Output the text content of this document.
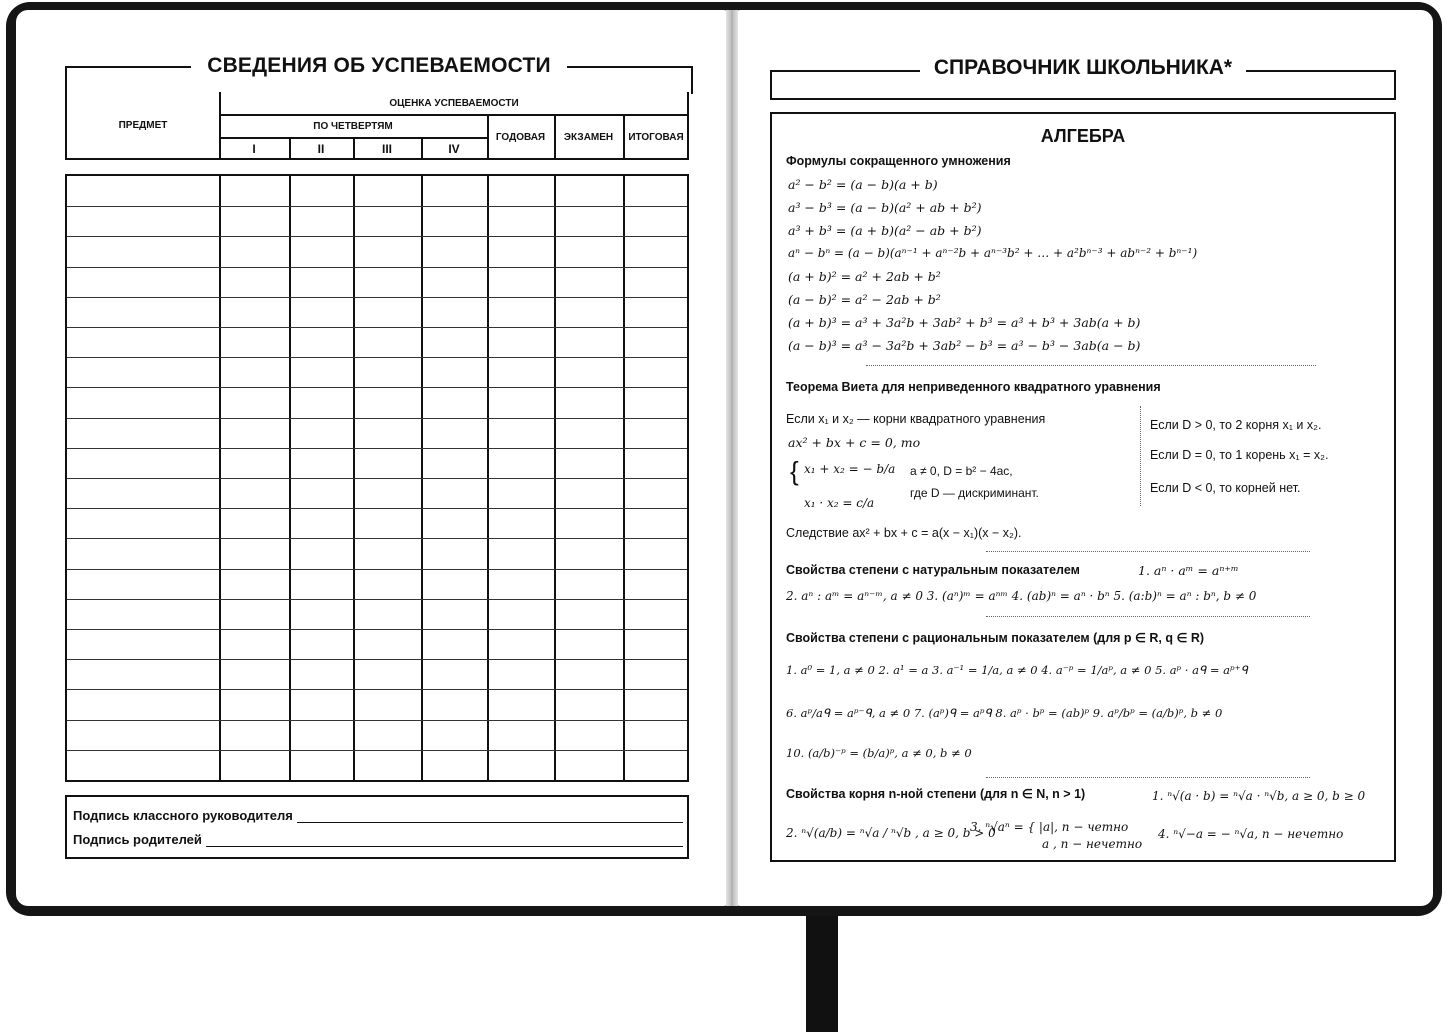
СВЕДЕНИЯ ОБ УСПЕВАЕМОСТИ
ПРЕДМЕТ
ОЦЕНКА УСПЕВАЕМОСТИ
ПО ЧЕТВЕРТЯМ
I	II	III	IV
ГОДОВАЯ	ЭКЗАМЕН	ИТОГОВАЯ
Подпись классного руководителя
Подпись родителей
СПРАВОЧНИК ШКОЛЬНИКА*
АЛГЕБРА
Формулы сокращенного умножения
a² − b² = (a − b)(a + b)
a³ − b³ = (a − b)(a² + ab + b²)
a³ + b³ = (a + b)(a² − ab + b²)
aⁿ − bⁿ = (a − b)(aⁿ⁻¹ + aⁿ⁻²b + aⁿ⁻³b² + … + a²bⁿ⁻³ + abⁿ⁻² + bⁿ⁻¹)
(a + b)² = a² + 2ab + b²
(a − b)² = a² − 2ab + b²
(a + b)³ = a³ + 3a²b + 3ab² + b³ = a³ + b³ + 3ab(a + b)
(a − b)³ = a³ − 3a²b + 3ab² − b³ = a³ − b³ − 3ab(a − b)
Теорема Виета для неприведенного квадратного уравнения
Если x₁ и x₂ — корни квадратного уравнения
ax² + bx + c = 0, то
{ x₁ + x₂ = − b/a
x₁ · x₂ = c/a
a ≠ 0, D = b² − 4ac,
где D — дискриминант.
Следствие ax² + bx + c = a(x − x₁)(x − x₂).
Если D > 0, то 2 корня x₁ и x₂.
Если D = 0, то 1 корень x₁ = x₂.
Если D < 0, то корней нет.
Свойства степени с натуральным показателем	1. aⁿ · aᵐ = aⁿ⁺ᵐ
2. aⁿ : aᵐ = aⁿ⁻ᵐ, a ≠ 0 3. (aⁿ)ᵐ = aⁿᵐ 4. (ab)ⁿ = aⁿ · bⁿ 5. (a:b)ⁿ = aⁿ : bⁿ, b ≠ 0
Свойства степени с рациональным показателем (для p ∈ R, q ∈ R)
1. a⁰ = 1, a ≠ 0 2. a¹ = a 3. a⁻¹ = 1/a, a ≠ 0 4. a⁻ᵖ = 1/aᵖ, a ≠ 0 5. aᵖ · aᑫ = aᵖ⁺ᑫ
6. aᵖ/aᑫ = aᵖ⁻ᑫ, a ≠ 0 7. (aᵖ)ᑫ = aᵖᑫ 8. aᵖ · bᵖ = (ab)ᵖ 9. aᵖ/bᵖ = (a/b)ᵖ, b ≠ 0
10. (a/b)⁻ᵖ = (b/a)ᵖ, a ≠ 0, b ≠ 0
Свойства корня n-ной степени (для n ∈ N, n > 1)	1. ⁿ√(a · b) = ⁿ√a · ⁿ√b, a ≥ 0, b ≥ 0
2. ⁿ√(a/b) = ⁿ√a / ⁿ√b , a ≥ 0, b > 0
3. ⁿ√aⁿ = { |a|, n − четно
a , n − нечетно
4. ⁿ√−a = − ⁿ√a, n − нечетно
